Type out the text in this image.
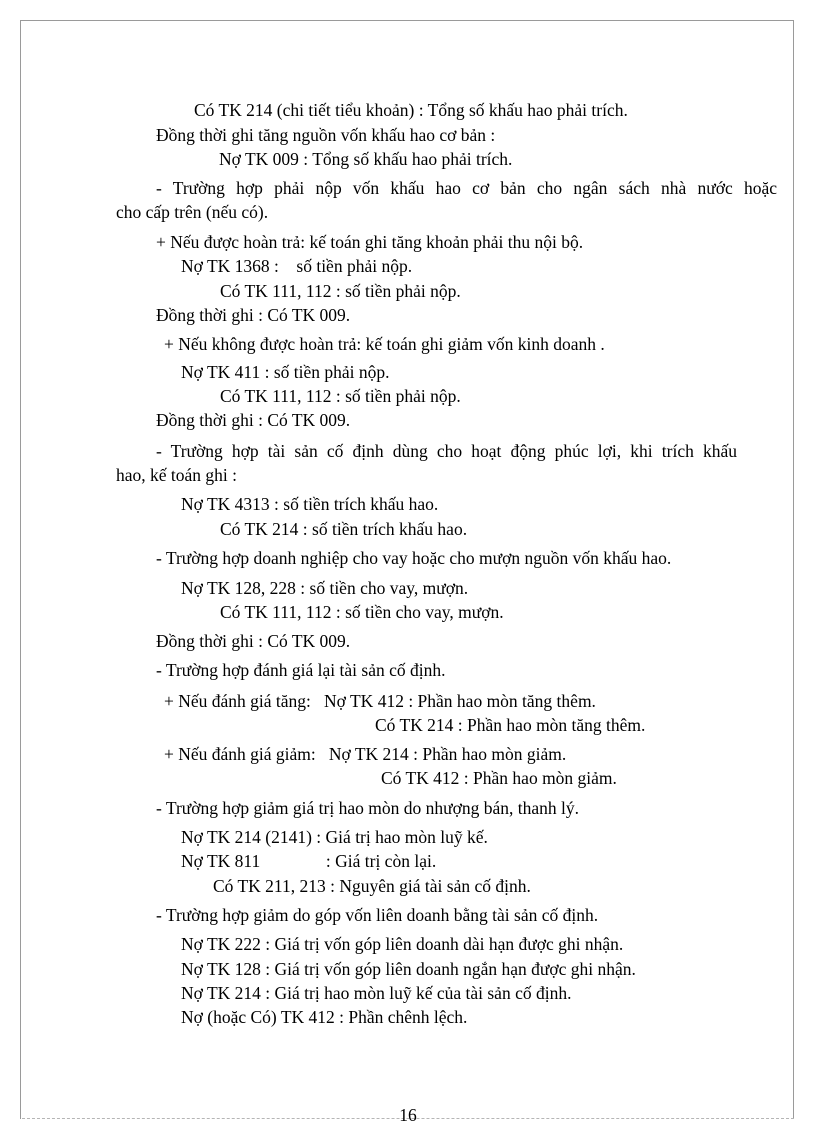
Có TK 214 (chi tiết tiểu khoản) : Tổng số khấu hao phải trích.
Đồng thời ghi tăng nguồn vốn khấu hao cơ bản :
Nợ TK 009 : Tổng số khấu hao phải trích.
- Trường hợp phải nộp vốn khấu hao cơ bản cho ngân sách nhà nước hoặc
cho cấp trên (nếu có).
+ Nếu được hoàn trả: kế toán ghi tăng khoản phải thu nội bộ.
Nợ TK 1368 :    số tiền phải nộp.
Có TK 111, 112 : số tiền phải nộp.
Đồng thời ghi : Có TK 009.
+ Nếu không được hoàn trả: kế toán ghi giảm vốn kinh doanh .
Nợ TK 411 : số tiền phải nộp.
Có TK 111, 112 : số tiền phải nộp.
Đồng thời ghi : Có TK 009.
- Trường hợp tài sản cố định dùng cho hoạt động phúc lợi, khi trích khấu
hao, kế toán ghi :
Nợ TK 4313 : số tiền trích khấu hao.
Có TK 214 : số tiền trích khấu hao.
- Trường hợp doanh nghiệp cho vay hoặc cho mượn nguồn vốn khấu hao.
Nợ TK 128, 228 : số tiền cho vay, mượn.
Có TK 111, 112 : số tiền cho vay, mượn.
Đồng thời ghi : Có TK 009.
- Trường hợp đánh giá lại tài sản cố định.
+ Nếu đánh giá tăng:   Nợ TK 412 : Phần hao mòn tăng thêm.
Có TK 214 : Phần hao mòn tăng thêm.
+ Nếu đánh giá giảm:   Nợ TK 214 : Phần hao mòn giảm.
Có TK 412 : Phần hao mòn giảm.
- Trường hợp giảm giá trị hao mòn do nhượng bán, thanh lý.
Nợ TK 214 (2141) : Giá trị hao mòn luỹ kế.
Nợ TK 811               : Giá trị còn lại.
Có TK 211, 213 : Nguyên giá tài sản cố định.
- Trường hợp giảm do góp vốn liên doanh bằng tài sản cố định.
Nợ TK 222 : Giá trị vốn góp liên doanh dài hạn được ghi nhận.
Nợ TK 128 : Giá trị vốn góp liên doanh ngắn hạn được ghi nhận.
Nợ TK 214 : Giá trị hao mòn luỹ kế của tài sản cố định.
Nợ (hoặc Có) TK 412 : Phần chênh lệch.
16
